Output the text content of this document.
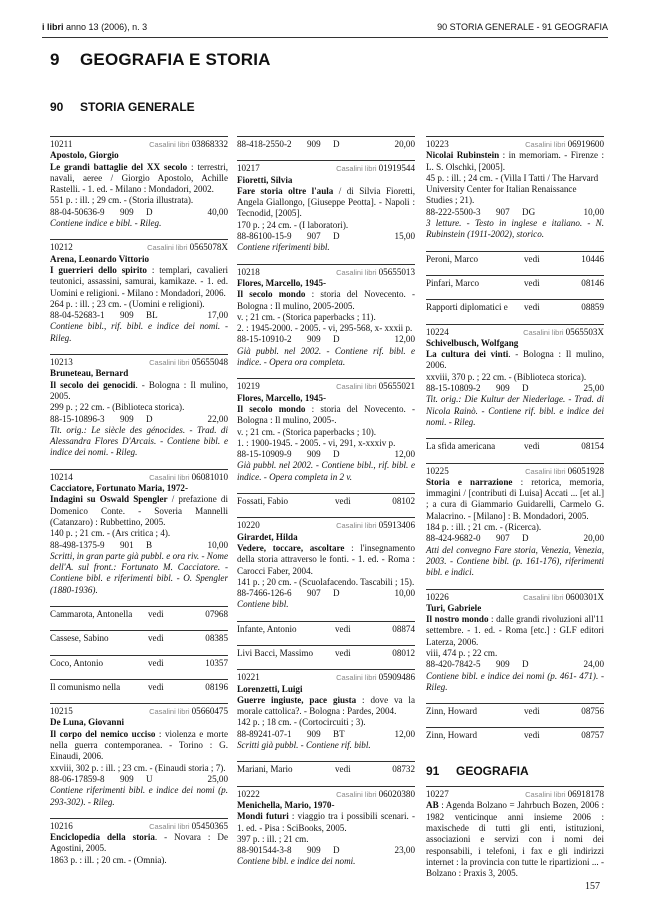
i libri anno 13 (2006), n. 3	90 STORIA GENERALE - 91 GEOGRAFIA
9 GEOGRAFIA E STORIA
90 STORIA GENERALE
10211	Casalini libri 03868332
Apostolo, Giorgio
Le grandi battaglie del XX secolo : terrestri, navali, aeree / Giorgio Apostolo, Achille Rastelli. - 1. ed. - Milano : Mondadori, 2002.
551 p. : ill. ; 29 cm. - (Storia illustrata).
88-04-50636-9	909	D	40,00
Contiene indice e bibl. - Rileg.
10212	Casalini libri 0565078X
Arena, Leonardo Vittorio
I guerrieri dello spirito : templari, cavalieri teutonici, assassini, samurai, kamikaze. - 1. ed. Uomini e religioni. - Milano : Mondadori, 2006.
264 p. : ill. ; 23 cm. - (Uomini e religioni).
88-04-52683-1	909	BL	17,00
Contiene bibl., rif. bibl. e indice dei nomi. - Rileg.
10213	Casalini libri 05655048
Bruneteau, Bernard
Il secolo dei genocidi. - Bologna : Il mulino, 2005.
299 p. ; 22 cm. - (Biblioteca storica).
88-15-10896-3	909	D	22,00
Tit. orig.: Le siècle des génocides. - Trad. di Alessandra Flores D'Arcais. - Contiene bibl. e indice dei nomi. - Rileg.
10214	Casalini libri 06081010
Cacciatore, Fortunato Maria, 1972-
Indagini su Oswald Spengler / prefazione di Domenico Conte. - Soveria Mannelli (Catanzaro) : Rubbettino, 2005.
140 p. ; 21 cm. - (Ars critica ; 4).
88-498-1375-9	901	B	10,00
Scritti, in gran parte già pubbl. e ora riv. - Nome dell'A. sul front.: Fortunato M. Cacciatore. - Contiene bibl. e riferimenti bibl. - O. Spengler (1880-1936).
Cammarota, Antonella	vedi	07968
Cassese, Sabino	vedi	08385
Coco, Antonio	vedi	10357
Il comunismo nella	vedi	08196
10215	Casalini libri 05660475
De Luna, Giovanni
Il corpo del nemico ucciso : violenza e morte nella guerra contemporanea. - Torino : G. Einaudi, 2006.
xxviii, 302 p. : ill. ; 23 cm. - (Einaudi storia ; 7).
88-06-17859-8	909	U	25,00
Contiene riferimenti bibl. e indice dei nomi (p. 293-302). - Rileg.
10216	Casalini libri 05450365
Enciclopedia della storia. - Novara : De Agostini, 2005.
1863 p. : ill. ; 20 cm. - (Omnia).
88-418-2550-2	909	D	20,00
10217	Casalini libri 01919544
Fioretti, Silvia
Fare storia oltre l'aula / di Silvia Fioretti, Angela Giallongo, [Giuseppe Peotta]. - Napoli : Tecnodid, [2005].
170 p. ; 24 cm. - (I laboratori).
88-86100-15-9	907	D	15,00
Contiene riferimenti bibl.
10218	Casalini libri 05655013
Flores, Marcello, 1945-
Il secolo mondo : storia del Novecento. - Bologna : Il mulino, 2005-2005.
v. ; 21 cm. - (Storica paperbacks ; 11).
2. : 1945-2000. - 2005. - vi, 295-568, x- xxxii p.
88-15-10910-2	909	D	12,00
Già pubbl. nel 2002. - Contiene rif. bibl. e indice. - Opera ora completa.
10219	Casalini libri 05655021
Flores, Marcello, 1945-
Il secolo mondo : storia del Novecento. - Bologna : Il mulino, 2005-.
v. ; 21 cm. - (Storica paperbacks ; 10).
1. : 1900-1945. - 2005. - vi, 291, x-xxxiv p.
88-15-10909-9	909	D	12,00
Già pubbl. nel 2002. - Contiene bibl., rif. bibl. e indice. - Opera completa in 2 v.
Fossati, Fabio	vedi	08102
10220	Casalini libri 05913406
Girardet, Hilda
Vedere, toccare, ascoltare : l'insegnamento della storia attraverso le fonti. - 1. ed. - Roma : Carocci Faber, 2004.
141 p. ; 20 cm. - (Scuolafacendo. Tascabili ; 15).
88-7466-126-6	907	D	10,00
Contiene bibl.
Infante, Antonio	vedi	08874
Livi Bacci, Massimo	vedi	08012
10221	Casalini libri 05909486
Lorenzetti, Luigi
Guerre ingiuste, pace giusta : dove va la morale cattolica?. - Bologna : Pardes, 2004.
142 p. ; 18 cm. - (Cortocircuiti ; 3).
88-89241-07-1	909	BT	12,00
Scritti già pubbl. - Contiene rif. bibl.
Mariani, Mario	vedi	08732
10222	Casalini libri 06020380
Menichella, Mario, 1970-
Mondi futuri : viaggio tra i possibili scenari. - 1. ed. - Pisa : SciBooks, 2005.
397 p. : ill. ; 21 cm.
88-901544-3-8	909	D	23,00
Contiene bibl. e indice dei nomi.
10223	Casalini libri 06919600
Nicolai Rubinstein : in memoriam. - Firenze : L. S. Olschki, [2005].
45 p. : ill. ; 24 cm. - (Villa I Tatti / The Harvard University Center for Italian Renaissance Studies ; 21).
88-222-5500-3	907	DG	10,00
3 letture. - Testo in inglese e italiano. - N. Rubinstein (1911-2002), storico.
Peroni, Marco	vedi	10446
Pinfari, Marco	vedi	08146
Rapporti diplomatici e	vedi	08859
10224	Casalini libri 0565503X
Schivelbusch, Wolfgang
La cultura dei vinti. - Bologna : Il mulino, 2006.
xxviii, 370 p. ; 22 cm. - (Biblioteca storica).
88-15-10809-2	909	D	25,00
Tit. orig.: Die Kultur der Niederlage. - Trad. di Nicola Rainò. - Contiene rif. bibl. e indice dei nomi. - Rileg.
La sfida americana	vedi	08154
10225	Casalini libri 06051928
Storia e narrazione : retorica, memoria, immagini / [contributi di Luisa] Accati ... [et al.] ; a cura di Giammario Guidarelli, Carmelo G. Malacrino. - [Milano] : B. Mondadori, 2005.
184 p. : ill. ; 21 cm. - (Ricerca).
88-424-9682-0	907	D	20,00
Atti del convegno Fare storia, Venezia, Venezia, 2003. - Contiene bibl. (p. 161-176), riferimenti bibl. e indici.
10226	Casalini libri 0600301X
Turi, Gabriele
Il nostro mondo : dalle grandi rivoluzioni all'11 settembre. - 1. ed. - Roma [etc.] : GLF editori Laterza, 2006.
viii, 474 p. ; 22 cm.
88-420-7842-5	909	D	24,00
Contiene bibl. e indice dei nomi (p. 461- 471). - Rileg.
Zinn, Howard	vedi	08756
Zinn, Howard	vedi	08757
91 GEOGRAFIA
10227	Casalini libri 06918178
AB : Agenda Bolzano = Jahrbuch Bozen, 2006 : 1982 venticinque anni insieme 2006 : maxischede di tutti gli enti, istituzioni, associazioni e servizi con i nomi dei responsabili, i telefoni, i fax e gli indirizzi internet : la provincia con tutte le ripartizioni ... - Bolzano : Praxis 3, 2005.
157
